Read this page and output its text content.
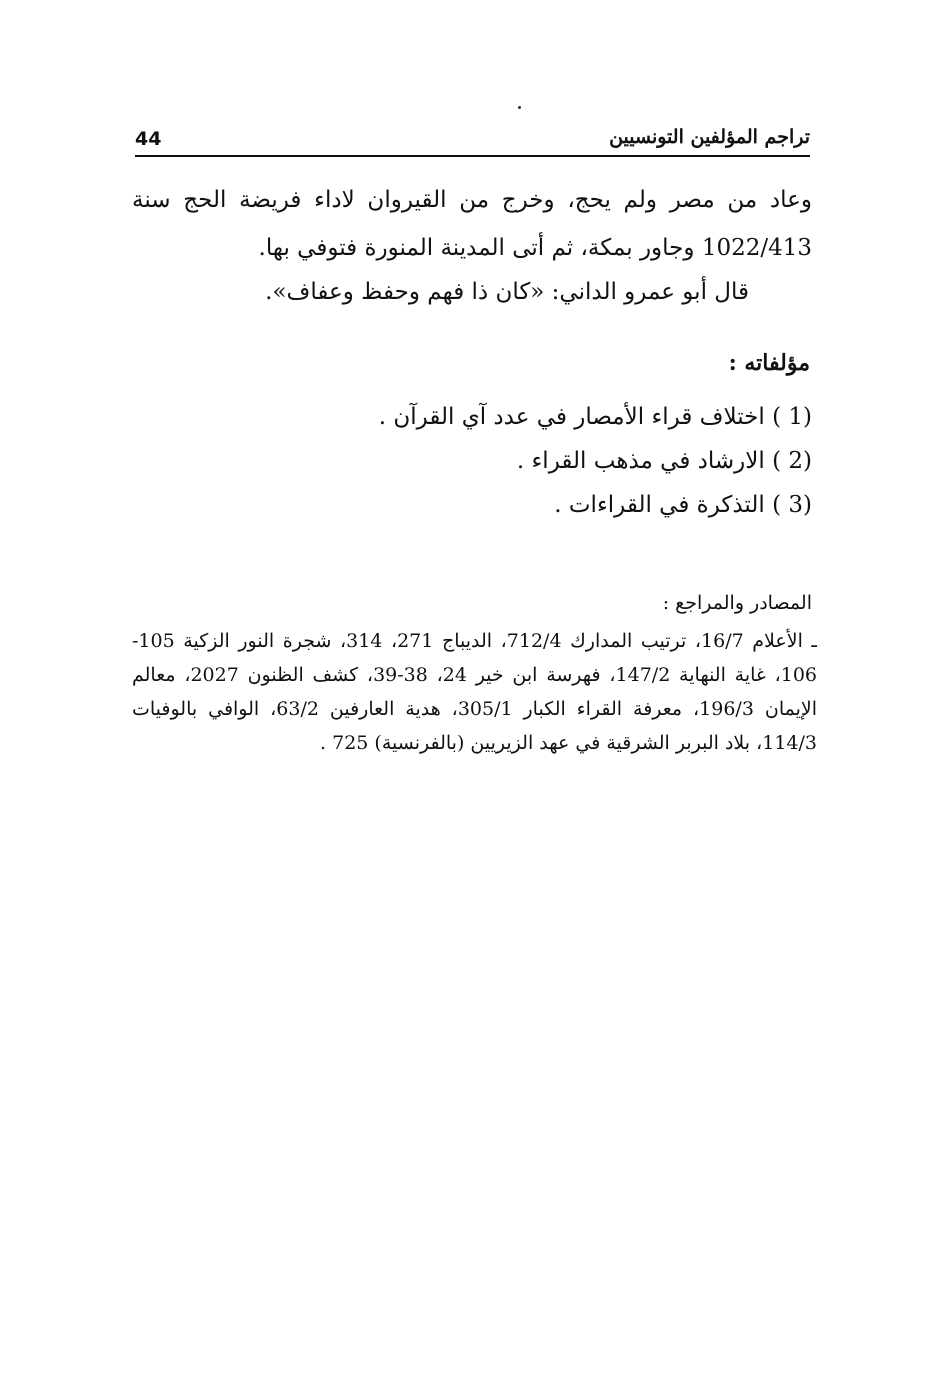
تراجم المؤلفين التونسيين
44

وعاد من مصر ولم يحج، وخرج من القيروان لاداء فريضة الحج سنة 1022/413 وجاور بمكة، ثم أتى المدينة المنورة فتوفي بها.

قال أبو عمرو الداني: «كان ذا فهم وحفظ وعفاف».

مؤلفاته :
(1 ) اختلاف قراء الأمصار في عدد آي القرآن .
(2 ) الارشاد في مذهب القراء .
(3 ) التذكرة في القراءات .
المصادر والمراجع :

ـ الأعلام 16/7، ترتيب المدارك 712/4، الديباج 271، 314، شجرة النور الزكية 105-106، غاية النهاية 147/2، فهرسة ابن خير 24، 38-39، كشف الظنون 2027، معالم الإيمان 196/3، معرفة القراء الكبار 305/1، هدية العارفين 63/2، الوافي بالوفيات 114/3، بلاد البربر الشرقية في عهد الزيريين (بالفرنسية) 725 .
